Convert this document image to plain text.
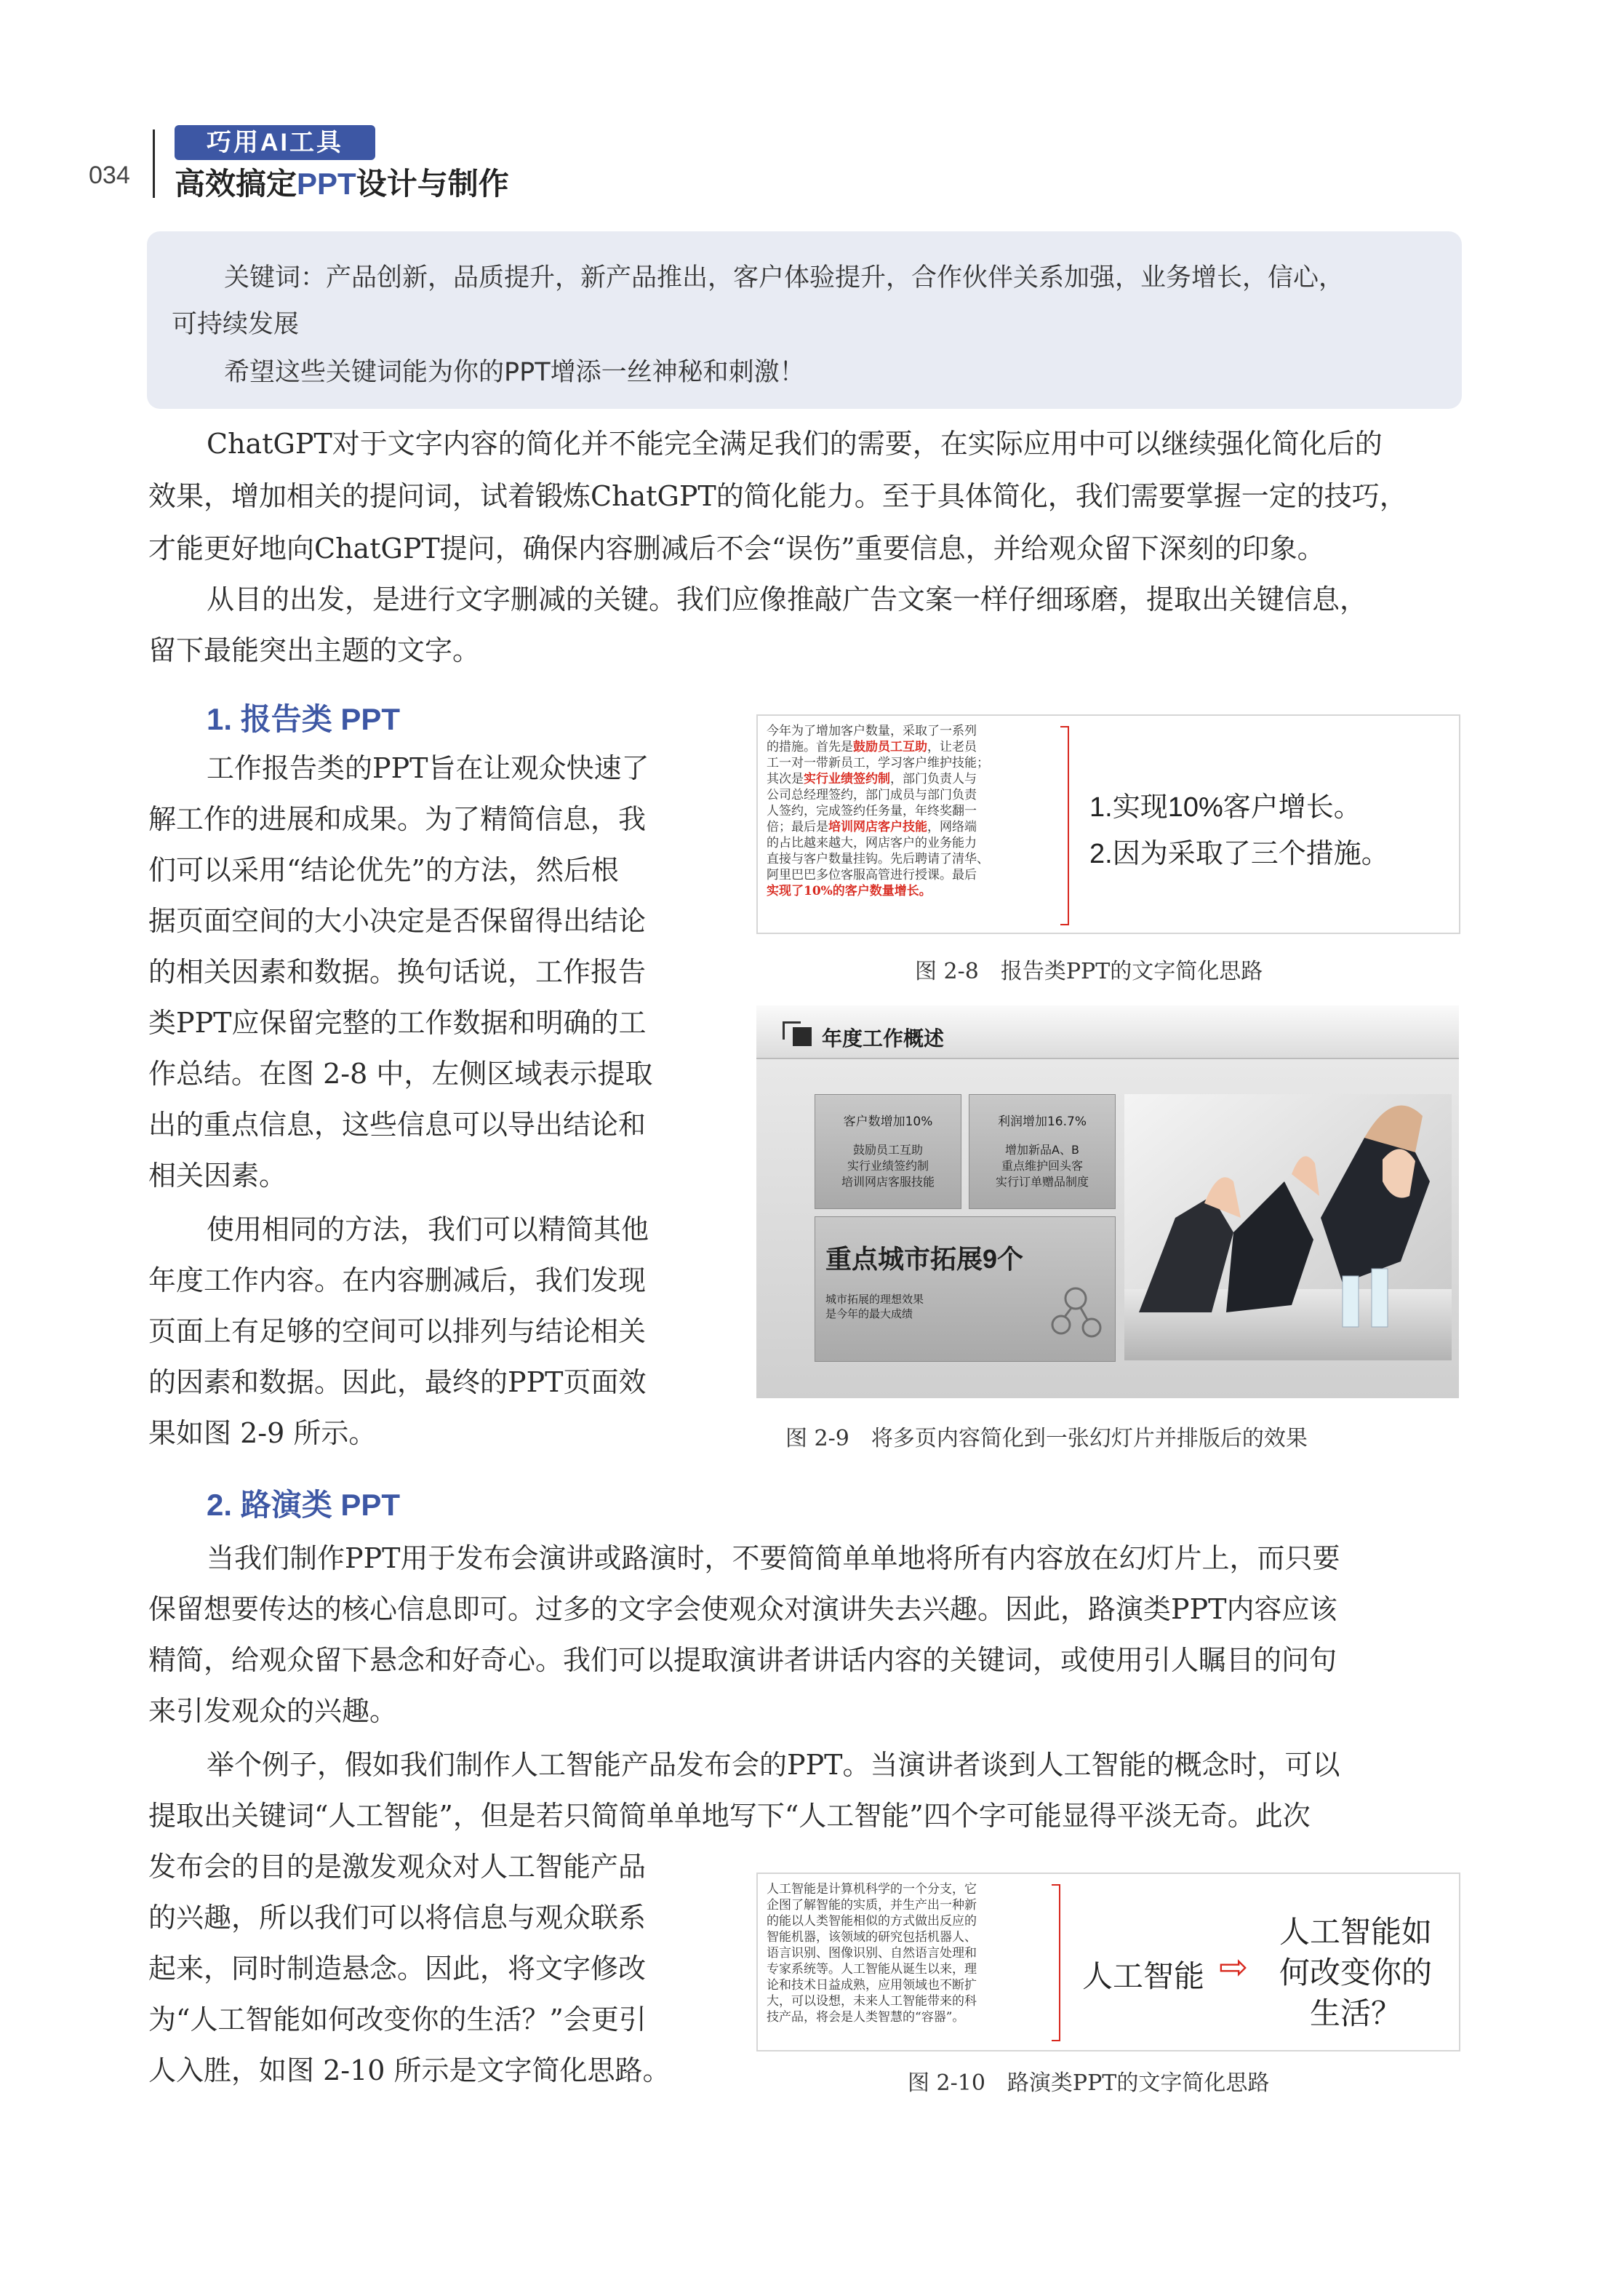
034
巧用AI工具
高效搞定PPT设计与制作
关键词：产品创新，品质提升，新产品推出，客户体验提升，合作伙伴关系加强，业务增长，信心，
可持续发展
希望这些关键词能为你的PPT增添一丝神秘和刺激！
ChatGPT对于文字内容的简化并不能完全满足我们的需要，在实际应用中可以继续强化简化后的
效果，增加相关的提问词，试着锻炼ChatGPT的简化能力。至于具体简化，我们需要掌握一定的技巧，
才能更好地向ChatGPT提问，确保内容删减后不会“误伤”重要信息，并给观众留下深刻的印象。
从目的出发，是进行文字删减的关键。我们应像推敲广告文案一样仔细琢磨，提取出关键信息，
留下最能突出主题的文字。
1. 报告类 PPT
工作报告类的PPT旨在让观众快速了
解工作的进展和成果。为了精简信息，我
们可以采用“结论优先”的方法，然后根
据页面空间的大小决定是否保留得出结论
的相关因素和数据。换句话说，工作报告
类PPT应保留完整的工作数据和明确的工
作总结。在图 2-8 中，左侧区域表示提取
出的重点信息，这些信息可以导出结论和
相关因素。
使用相同的方法，我们可以精简其他
年度工作内容。在内容删减后，我们发现
页面上有足够的空间可以排列与结论相关
的因素和数据。因此，最终的PPT页面效
果如图 2-9 所示。
今年为了增加客户数量，采取了一系列
的措施。首先是鼓励员工互助，让老员
工一对一带新员工，学习客户维护技能；
其次是实行业绩签约制，部门负责人与
公司总经理签约，部门成员与部门负责
人签约，完成签约任务量，年终奖翻一
倍；最后是培训网店客户技能，网络端
的占比越来越大，网店客户的业务能力
直接与客户数量挂钩。先后聘请了清华、
阿里巴巴多位客服高管进行授课。最后
实现了10%的客户数量增长。
1.实现10%客户增长。
2.因为采取了三个措施。
图 2-8　报告类PPT的文字简化思路
年度工作概述
客户数增加10%
鼓励员工互助
实行业绩签约制
培训网店客服技能
利润增加16.7%
增加新品A、B
重点维护回头客
实行订单赠品制度
重点城市拓展9个
城市拓展的理想效果
是今年的最大成绩
图 2-9　将多页内容简化到一张幻灯片并排版后的效果
2. 路演类 PPT
当我们制作PPT用于发布会演讲或路演时，不要简简单单地将所有内容放在幻灯片上，而只要
保留想要传达的核心信息即可。过多的文字会使观众对演讲失去兴趣。因此，路演类PPT内容应该
精简，给观众留下悬念和好奇心。我们可以提取演讲者讲话内容的关键词，或使用引人瞩目的问句
来引发观众的兴趣。
举个例子，假如我们制作人工智能产品发布会的PPT。当演讲者谈到人工智能的概念时，可以
提取出关键词“人工智能”，但是若只简简单单地写下“人工智能”四个字可能显得平淡无奇。此次
发布会的目的是激发观众对人工智能产品
的兴趣，所以我们可以将信息与观众联系
起来，同时制造悬念。因此，将文字修改
为“人工智能如何改变你的生活？”会更引
人入胜，如图 2-10 所示是文字简化思路。
人工智能是计算机科学的一个分支，它
企图了解智能的实质，并生产出一种新
的能以人类智能相似的方式做出反应的
智能机器，该领域的研究包括机器人、
语言识别、图像识别、自然语言处理和
专家系统等。人工智能从诞生以来，理
论和技术日益成熟，应用领域也不断扩
大，可以设想，未来人工智能带来的科
技产品，将会是人类智慧的“容器”。
人工智能 ⇨
人工智能如
何改变你的
生活？
图 2-10　路演类PPT的文字简化思路
